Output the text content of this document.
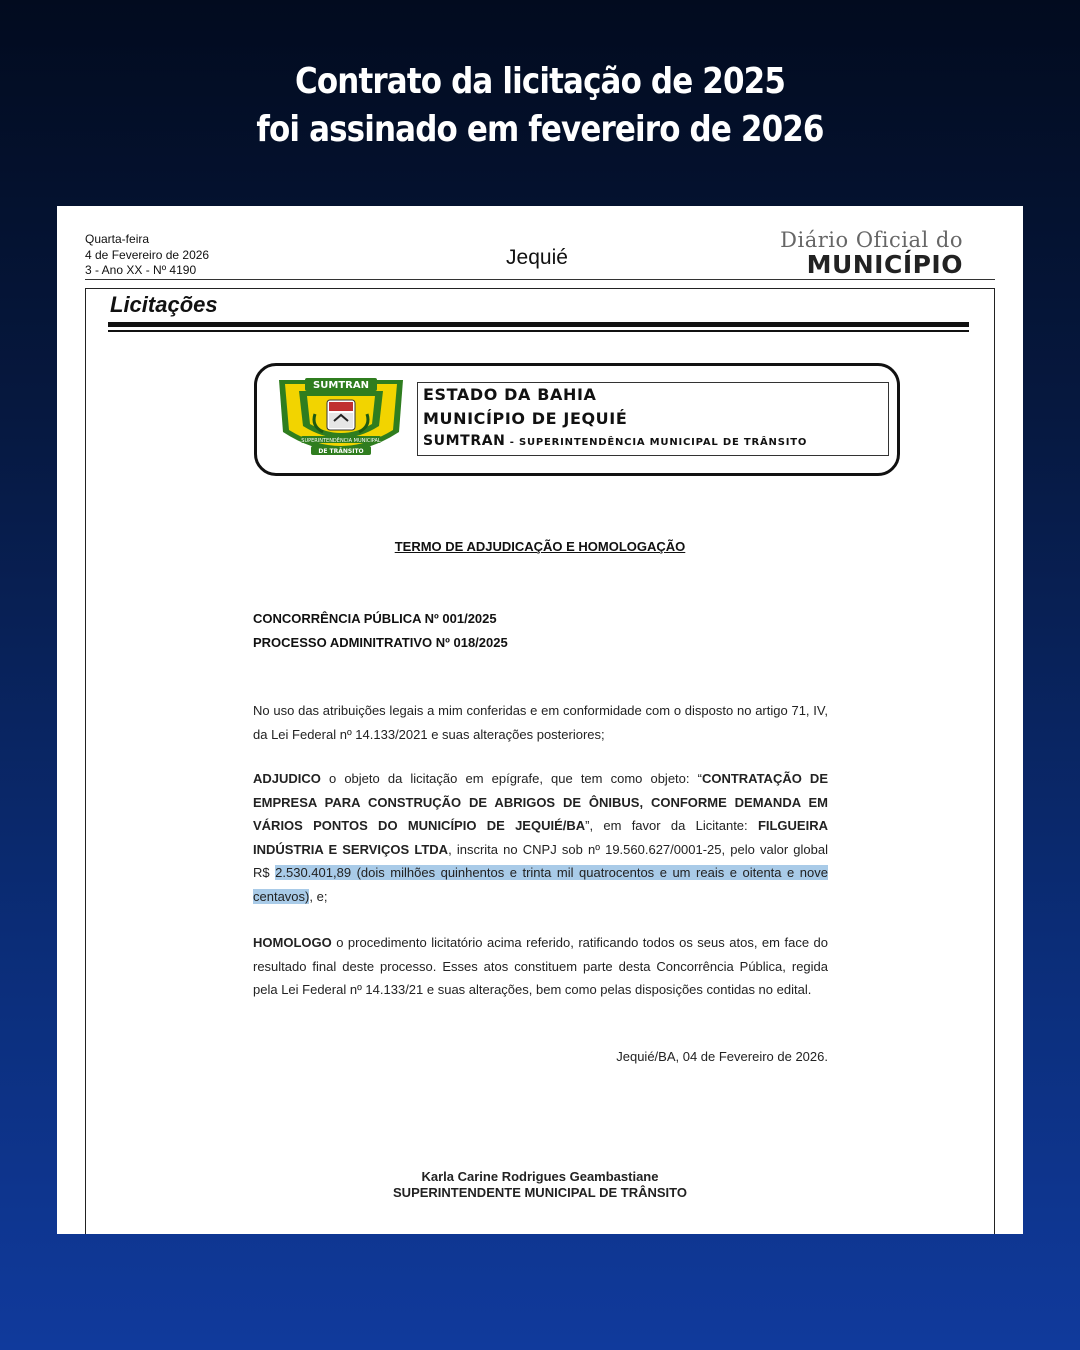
Contrato da licitação de 2025
foi assinado em fevereiro de 2026
Quarta-feira
4 de Fevereiro de 2026
3 - Ano XX - Nº 4190
Jequié
Diário Oficial do
MUNICÍPIO
Licitações
SUMTRAN
SUPERINTENDÊNCIA MUNICIPAL
DE TRÂNSITO
ESTADO DA BAHIA
MUNICÍPIO DE JEQUIÉ
SUMTRAN - SUPERINTENDÊNCIA MUNICIPAL DE TRÂNSITO
TERMO DE ADJUDICAÇÃO E HOMOLOGAÇÃO
CONCORRÊNCIA PÚBLICA Nº 001/2025
PROCESSO ADMINITRATIVO Nº 018/2025
No uso das atribuições legais a mim conferidas e em conformidade com o disposto no artigo 71, IV, da Lei Federal nº 14.133/2021 e suas alterações posteriores;
ADJUDICO o objeto da licitação em epígrafe, que tem como objeto: “CONTRATAÇÃO DE EMPRESA PARA CONSTRUÇÃO DE ABRIGOS DE ÔNIBUS, CONFORME DEMANDA EM VÁRIOS PONTOS DO MUNICÍPIO DE JEQUIÉ/BA”, em favor da Licitante: FILGUEIRA INDÚSTRIA E SERVIÇOS LTDA, inscrita no CNPJ sob nº 19.560.627/0001-25, pelo valor global R$ 2.530.401,89 (dois milhões quinhentos e trinta mil quatrocentos e um reais e oitenta e nove centavos), e;
HOMOLOGO o procedimento licitatório acima referido, ratificando todos os seus atos, em face do resultado final deste processo. Esses atos constituem parte desta Concorrência Pública, regida pela Lei Federal nº 14.133/21 e suas alterações, bem como pelas disposições contidas no edital.
Jequié/BA, 04 de Fevereiro de 2026.
Karla Carine Rodrigues Geambastiane
SUPERINTENDENTE MUNICIPAL DE TRÂNSITO
